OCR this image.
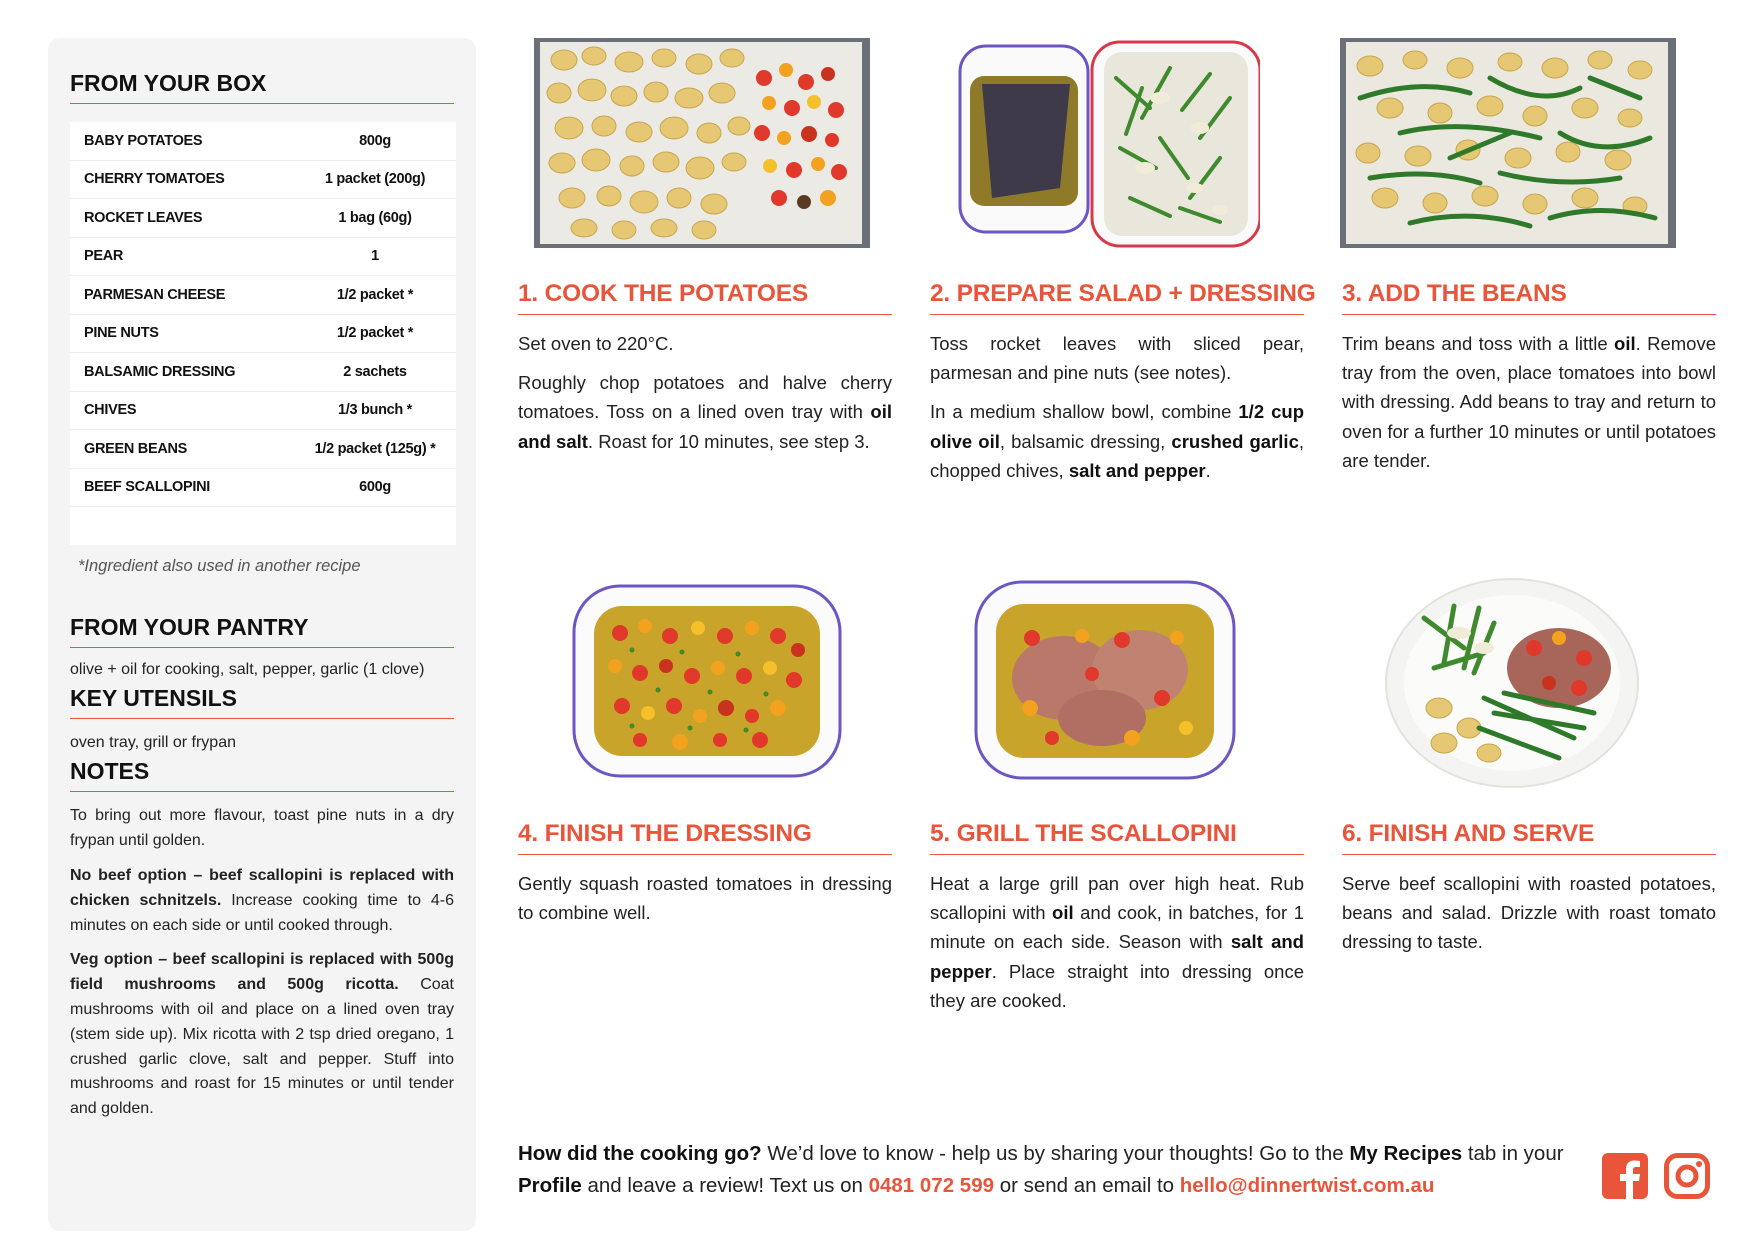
FROM YOUR BOX
BABY POTATOES	800g
CHERRY TOMATOES	1 packet (200g)
ROCKET LEAVES	1 bag (60g)
PEAR	1
PARMESAN CHEESE	1/2 packet *
PINE NUTS	1/2 packet *
BALSAMIC DRESSING	2 sachets
CHIVES	1/3 bunch *
GREEN BEANS	1/2 packet (125g) *
BEEF SCALLOPINI	600g

*Ingredient also used in another recipe

FROM YOUR PANTRY

olive + oil for cooking, salt, pepper, garlic (1 clove)

KEY UTENSILS

oven tray, grill or frypan

NOTES

To bring out more flavour, toast pine nuts in a dry frypan until golden.

No beef option – beef scallopini is replaced with chicken schnitzels. Increase cooking time to 4-6 minutes on each side or until cooked through.

Veg option – beef scallopini is replaced with 500g field mushrooms and 500g ricotta. Coat mushrooms with oil and place on a lined oven tray (stem side up). Mix ricotta with 2 tsp dried oregano, 1 crushed garlic clove, salt and pepper. Stuff into mushrooms and roast for 15 minutes or until tender and golden.

1. COOK THE POTATOES

Set oven to 220°C.

Roughly chop potatoes and halve cherry tomatoes. Toss on a lined oven tray with oil and salt. Roast for 10 minutes, see step 3.

2. PREPARE SALAD + DRESSING

Toss rocket leaves with sliced pear, parmesan and pine nuts (see notes).

In a medium shallow bowl, combine 1/2 cup olive oil, balsamic dressing, crushed garlic, chopped chives, salt and pepper.

3. ADD THE BEANS

Trim beans and toss with a little oil. Remove tray from the oven, place tomatoes into bowl with dressing. Add beans to tray and return to oven for a further 10 minutes or until potatoes are tender.

4. FINISH THE DRESSING

Gently squash roasted tomatoes in dressing to combine well.

5. GRILL THE SCALLOPINI

Heat a large grill pan over high heat. Rub scallopini with oil and cook, in batches, for 1 minute on each side. Season with salt and pepper. Place straight into dressing once they are cooked.

6. FINISH AND SERVE

Serve beef scallopini with roasted potatoes, beans and salad. Drizzle with roast tomato dressing to taste.

How did the cooking go? We’d love to know - help us by sharing your thoughts! Go to the My Recipes tab in your Profile and leave a review! Text us on 0481 072 599 or send an email to hello@dinnertwist.com.au
